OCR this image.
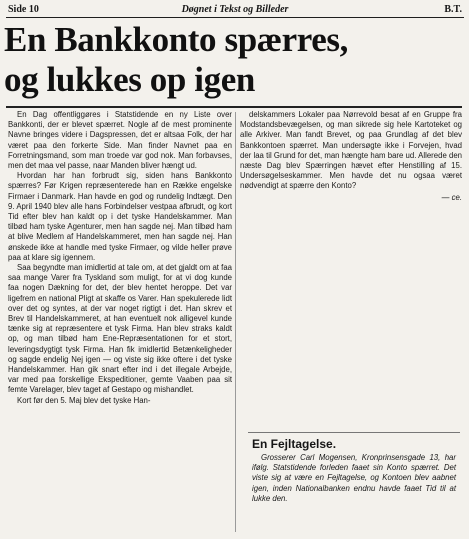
Side 10	Døgnet i Tekst og Billeder	B.T.
En Bankkonto spærres,
og lukkes op igen

En Dag offentliggøres i Statstidende en ny Liste over Bankkonti, der er blevet spærret. Nogle af de mest prominente Navne bringes videre i Dagspressen, det er altsaa Folk, der har været paa den forkerte Side. Man finder Navnet paa en Forretningsmand, som man troede var god nok. Man forbavses, men det maa vel passe, naar Manden bliver hængt ud.

Hvordan har han forbrudt sig, siden hans Bankkonto spærres? Før Krigen repræsenterede han en Række engelske Firmaer i Danmark. Han havde en god og rundelig Indtægt. Den 9. April 1940 blev alle hans Forbindelser vestpaa afbrudt, og kort Tid efter blev han kaldt op i det tyske Handelskammer. Man tilbød ham tyske Agenturer, men han sagde nej. Man tilbød ham at blive Medlem af Handelskammeret, men han sagde nej. Han ønskede ikke at handle med tyske Firmaer, og vilde heller prøve paa at klare sig igennem.

Saa begyndte man imidlertid at tale om, at det gjaldt om at faa saa mange Varer fra Tyskland som muligt, for at vi dog kunde faa nogen Dækning for det, der blev hentet heroppe. Det var ligefrem en national Pligt at skaffe os Varer. Han spekulerede lidt over det og syntes, at der var noget rigtigt i det. Han skrev et Brev til Handelskammeret, at han eventuelt nok alligevel kunde tænke sig at repræsentere et tysk Firma. Han blev straks kaldt op, og man tilbød ham Ene-Repræsentationen for et stort, leveringsdygtigt tysk Firma. Han fik imidlertid Betænkeligheder og sagde endelig Nej igen — og viste sig ikke oftere i det tyske Handelskammer. Han gik snart efter ind i det illegale Arbejde, var med paa forskellige Ekspeditioner, gemte Vaaben paa sit femte Varelager, blev taget af Gestapo og mishandlet.

Kort før den 5. Maj blev det tyske Han-

delskammers Lokaler paa Nørrevold besat af en Gruppe fra Modstandsbevægelsen, og man sikrede sig hele Kartoteket og alle Arkiver. Man fandt Brevet, og paa Grundlag af det blev Bankkontoen spærret. Man undersøgte ikke i Forvejen, hvad der laa til Grund for det, man hængte ham bare ud. Allerede den næste Dag blev Spærringen hævet efter Henstilling af 15. Undersøgelseskammer. Men havde det nu ogsaa været nødvendigt at spærre den Konto?

— ce.

En Fejltagelse.
Grosserer Carl Mogensen, Kronprinsensgade 13, har ifølg. Statstidende forleden faaet sin Konto spærret. Det viste sig at være en Fejltagelse, og Kontoen blev aabnet igen, inden Nationalbanken endnu havde faaet Tid til at lukke den.
